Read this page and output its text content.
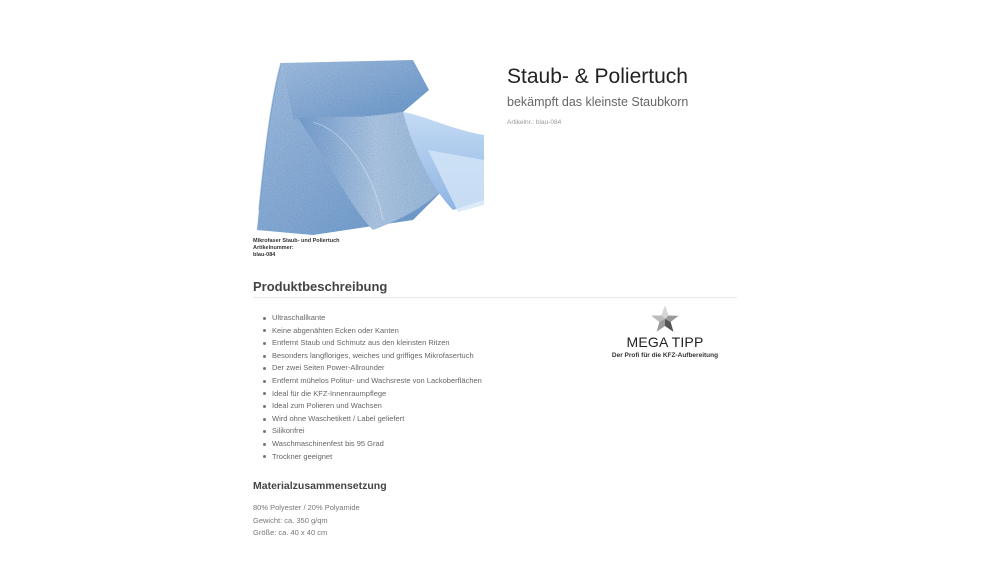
Mikrofaser Staub- und Poliertuch
Artikelnummer:
blau-084
Staub- & Poliertuch
bekämpft das kleinste Staubkorn
Artikelnr.: blau-084
Produktbeschreibung
Ultraschallkante
Keine abgenähten Ecken oder Kanten
Entfernt Staub und Schmutz aus den kleinsten Ritzen
Besonders langfloriges, weiches und griffiges Mikrofasertuch
Der zwei Seiten Power-Allrounder
Entfernt mühelos Politur- und Wachsreste von Lackoberflächen
Ideal für die KFZ-Innenraumpflege
Ideal zum Polieren und Wachsen
Wird ohne Waschetikett / Label geliefert
Silikonfrei
Waschmaschinenfest bis 95 Grad
Trockner geeignet
MEGA TIPP
Der Profi für die KFZ-Aufbereitung
Materialzusammensetzung
80% Polyester / 20% Polyamide
Gewicht: ca. 350 g/qm
Größe: ca. 40 x 40 cm
